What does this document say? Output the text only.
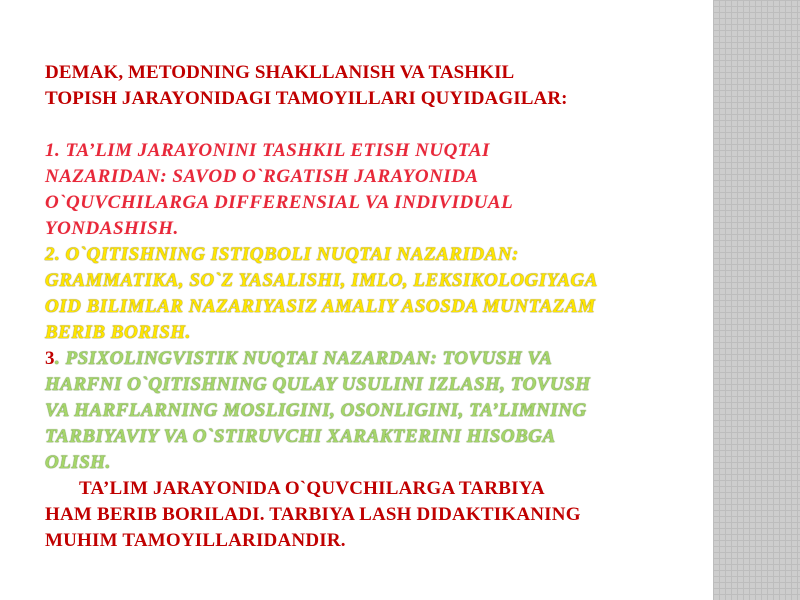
DEMAK, METODNING SHAKLLANISH VA TASHKIL
TOPISH JARAYONIDAGI TAMOYILLARI QUYIDAGILAR:
1. TA’LIM JARAYONINI TASHKIL ETISH NUQTAI
NAZARIDAN: SAVOD O`RGATISH JARAYONIDA
O`QUVCHILARGA DIFFERENSIAL VA INDIVIDUAL
YONDASHISH.
2. O`QITISHNING ISTIQBOLI NUQTAI NAZARIDAN:
GRAMMATIKA, SO`Z YASALISHI, IMLO, LEKSIKOLOGIYAGA
OID BILIMLAR NAZARIYASIZ AMALIY ASOSDA MUNTAZAM
BERIB BORISH.
3. PSIXOLINGVISTIK NUQTAI NAZARDAN: TOVUSH VA
HARFNI O`QITISHNING QULAY USULINI IZLASH, TOVUSH
VA HARFLARNING MOSLIGINI, OSONLIGINI, TA’LIMNING
TARBIYAVIY VA O`STIRUVCHI XARAKTERINI HISOBGA
OLISH.
TA’LIM JARAYONIDA O`QUVCHILARGA TARBIYA
HAM BERIB BORILADI. TARBIYA LASH DIDAKTIKANING
MUHIM TAMOYILLARIDANDIR.
